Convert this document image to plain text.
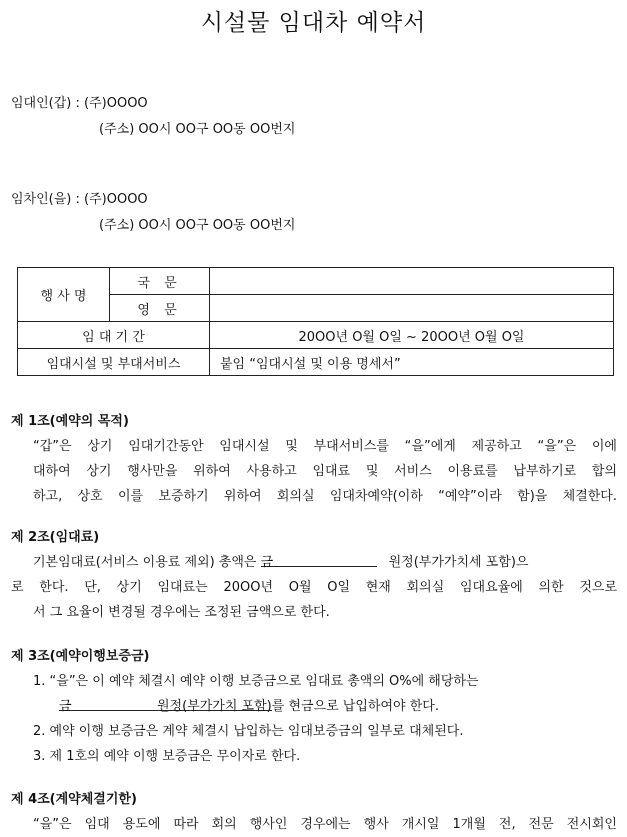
시설물 임대차 예약서
임대인(갑) : (주)OOOO
(주소) OO시 OO구 OO동 OO번지
임차인(을) : (주)OOOO
(주소) OO시 OO구 OO동 OO번지
행 사 명	국 문	
	영 문	
임 대 기 간		20OO년 O월 O일 ~ 20OO년 O월 O일
임대시설 및 부대서비스		붙임 “임대시설 및 이용 명세서”
제 1조(예약의 목적)
“갑”은 상기 임대기간동안 임대시설 및 부대서비스를 “을”에게 제공하고 “을”은 이에
대하여 상기 행사만을 위하여 사용하고 임대료 및 서비스 이용료를 납부하기로 합의
하고, 상호 이를 보증하기 위하여 회의실 임대차예약(이하 “예약”이라 함)을 체결한다.
제 2조(임대료)
기본임대료(서비스 이용료 제외) 총액은 금	원정(부가가치세 포함)으
로 한다. 단, 상기 임대료는 20OO년 O월 O일 현재 회의실 임대요율에 의한 것으로
서 그 요율이 변경될 경우에는 조정된 금액으로 한다.
제 3조(예약이행보증금)
1. “을”은 이 예약 체결시 예약 이행 보증금으로 임대료 총액의 O%에 해당하는
금	원정(부가가치 포함)를 현금으로 납입하여야 한다.
2. 예약 이행 보증금은 계약 체결시 납입하는 임대보증금의 일부로 대체된다.
3. 제 1호의 예약 이행 보증금은 무이자로 한다.
제 4조(계약체결기한)
“을”은 임대 용도에 따라 회의 행사인 경우에는 행사 개시일 1개월 전, 전문 전시회인
